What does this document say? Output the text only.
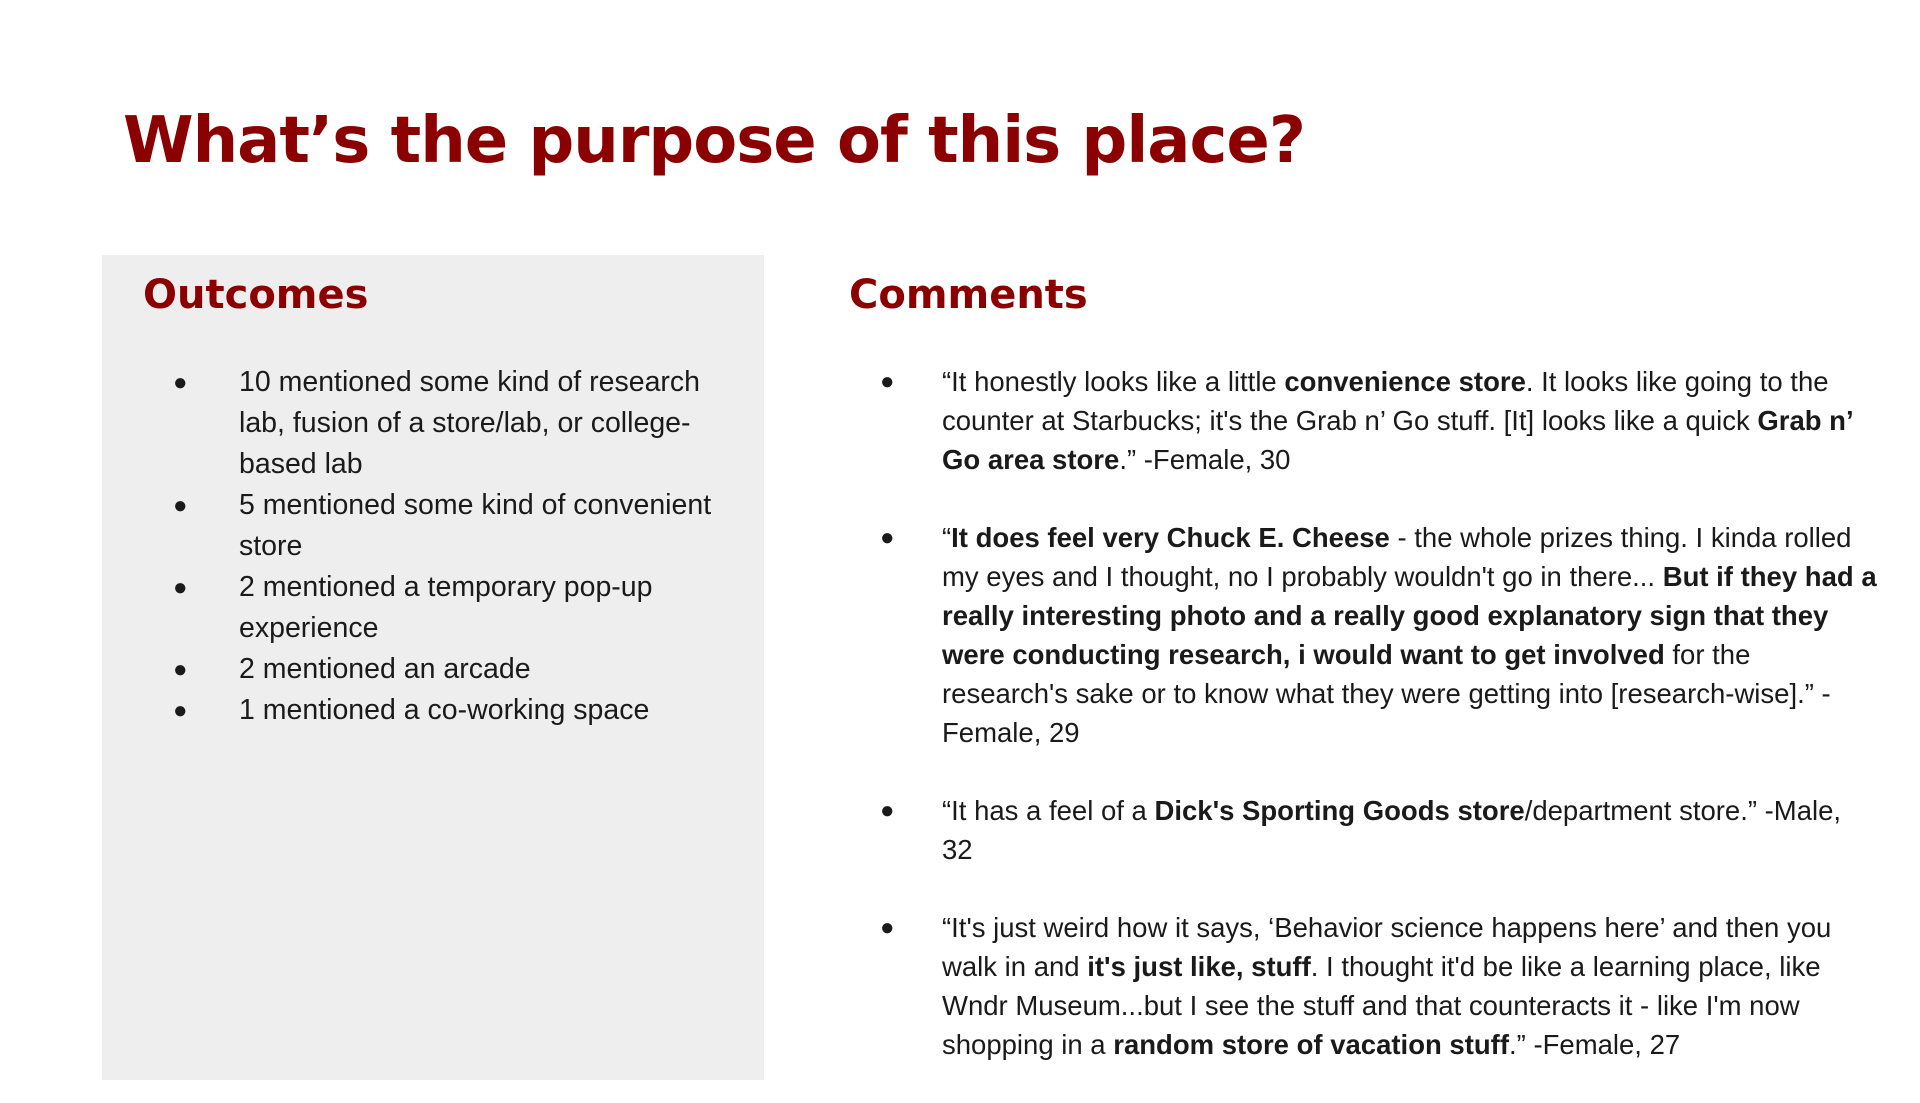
What’s the purpose of this place?
Outcomes
● 10 mentioned some kind of research lab, fusion of a store/lab, or college-based lab
● 5 mentioned some kind of convenient store
● 2 mentioned a temporary pop-up experience
● 2 mentioned an arcade
● 1 mentioned a co-working space
Comments
● “It honestly looks like a little convenience store. It looks like going to the counter at Starbucks; it's the Grab n’ Go stuff. [It] looks like a quick Grab n’ Go area store.” -Female, 30
● “It does feel very Chuck E. Cheese - the whole prizes thing. I kinda rolled my eyes and I thought, no I probably wouldn't go in there... But if they had a really interesting photo and a really good explanatory sign that they were conducting research, i would want to get involved for the research's sake or to know what they were getting into [research-wise].” -Female, 29
● “It has a feel of a Dick's Sporting Goods store/department store.” -Male, 32
● “It's just weird how it says, ‘Behavior science happens here’ and then you walk in and it's just like, stuff. I thought it'd be like a learning place, like Wndr Museum...but I see the stuff and that counteracts it - like I'm now shopping in a random store of vacation stuff.” -Female, 27
